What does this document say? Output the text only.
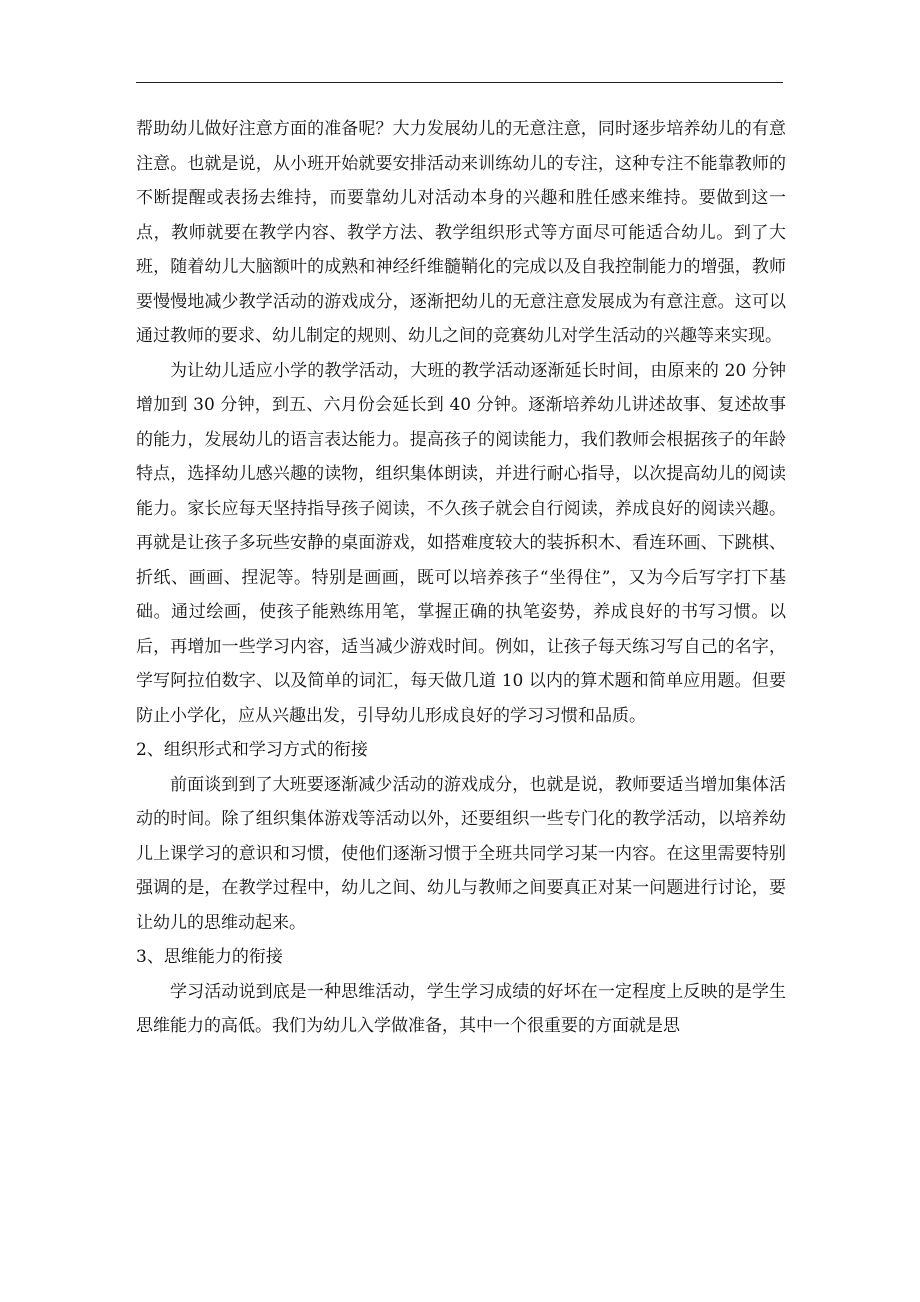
帮助幼儿做好注意方面的准备呢？大力发展幼儿的无意注意，同时逐步培养幼儿的有意注意。也就是说，从小班开始就要安排活动来训练幼儿的专注，这种专注不能靠教师的不断提醒或表扬去维持，而要靠幼儿对活动本身的兴趣和胜任感来维持。要做到这一点，教师就要在教学内容、教学方法、教学组织形式等方面尽可能适合幼儿。到了大班，随着幼儿大脑额叶的成熟和神经纤维髓鞘化的完成以及自我控制能力的增强，教师要慢慢地减少教学活动的游戏成分，逐渐把幼儿的无意注意发展成为有意注意。这可以通过教师的要求、幼儿制定的规则、幼儿之间的竞赛幼儿对学生活动的兴趣等来实现。

为让幼儿适应小学的教学活动，大班的教学活动逐渐延长时间，由原来的 20 分钟增加到 30 分钟，到五、六月份会延长到 40 分钟。逐渐培养幼儿讲述故事、复述故事的能力，发展幼儿的语言表达能力。提高孩子的阅读能力，我们教师会根据孩子的年龄特点，选择幼儿感兴趣的读物，组织集体朗读，并进行耐心指导，以次提高幼儿的阅读能力。家长应每天坚持指导孩子阅读，不久孩子就会自行阅读，养成良好的阅读兴趣。再就是让孩子多玩些安静的桌面游戏，如搭难度较大的装拆积木、看连环画、下跳棋、折纸、画画、捏泥等。特别是画画，既可以培养孩子“坐得住”，又为今后写字打下基础。通过绘画，使孩子能熟练用笔，掌握正确的执笔姿势，养成良好的书写习惯。以后，再增加一些学习内容，适当减少游戏时间。例如，让孩子每天练习写自己的名字，学写阿拉伯数字、以及简单的词汇，每天做几道 10 以内的算术题和简单应用题。但要防止小学化，应从兴趣出发，引导幼儿形成良好的学习习惯和品质。

2、组织形式和学习方式的衔接

前面谈到到了大班要逐渐减少活动的游戏成分，也就是说，教师要适当增加集体活动的时间。除了组织集体游戏等活动以外，还要组织一些专门化的教学活动，以培养幼儿上课学习的意识和习惯，使他们逐渐习惯于全班共同学习某一内容。在这里需要特别强调的是，在教学过程中，幼儿之间、幼儿与教师之间要真正对某一问题进行讨论，要让幼儿的思维动起来。

3、思维能力的衔接

学习活动说到底是一种思维活动，学生学习成绩的好坏在一定程度上反映的是学生思维能力的高低。我们为幼儿入学做准备，其中一个很重要的方面就是思
